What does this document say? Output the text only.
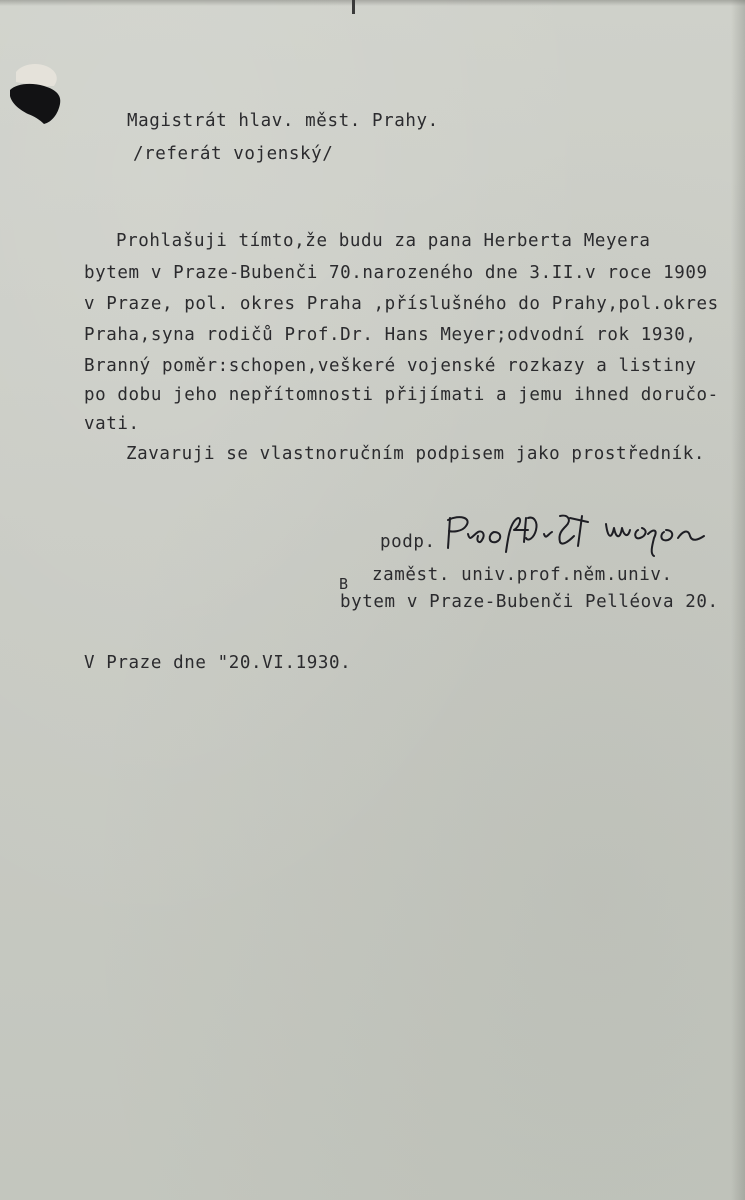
Magistrát hlav. měst. Prahy.
/referát vojenský/
Prohlašuji tímto,že budu za pana Herberta Meyera
bytem v Praze-Bubenči 70.narozeného dne 3.II.v roce 1909
v Praze, pol. okres Praha ,příslušného do Prahy,pol.okres
Praha,syna rodičů Prof.Dr. Hans Meyer;odvodní rok 1930,
Branný poměr:schopen,veškeré vojenské rozkazy a listiny
po dobu jeho nepřítomnosti přijímati a jemu ihned doručo-
vati.
Zavaruji se vlastnoručním podpisem jako prostředník.
podp.
zaměst. univ.prof.něm.univ.
B
bytem v Praze-Bubenči Pelléova 20.
V Praze dne "20.VI.1930.
